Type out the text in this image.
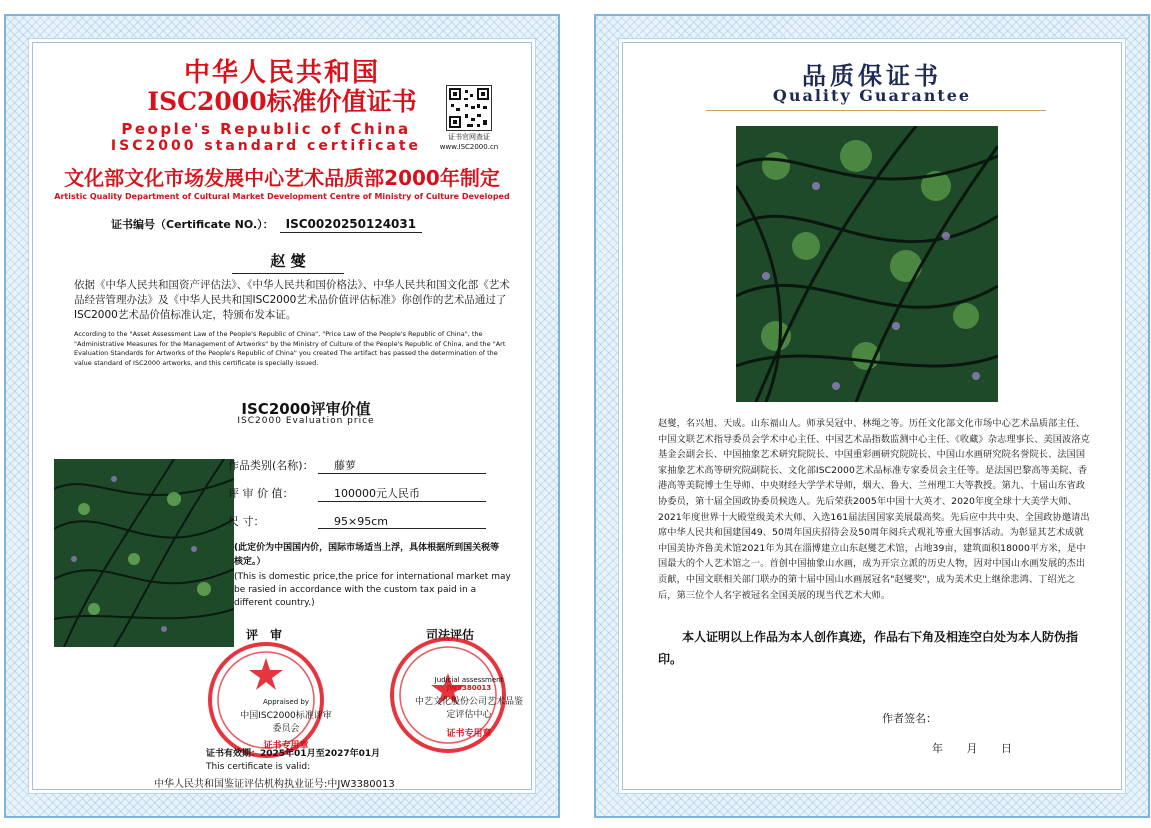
中华人民共和国
ISC2000标准价值证书
People's Republic of China
ISC2000 standard certificate
证书官网查证
www.ISC2000.cn
文化部文化市场发展中心艺术品质部2000年制定
Artistic Quality Department of Cultural Market Development Centre of Ministry of Culture Developed
证书编号（Certificate NO.）： ISC0020250124031
赵 燮
依据《中华人民共和国资产评估法》、《中华人民共和国价格法》、中华人民共和国文化部《艺术品经营管理办法》及《中华人民共和国ISC2000艺术品价值评估标准》你创作的艺术品通过了ISC2000艺术品价值标准认定，特颁布发本证。
According to the "Asset Assessment Law of the People's Republic of China", "Price Law of the People's Republic of China", the "Administrative Measures for the Management of Artworks" by the Ministry of Culture of the People's Republic of China, and the "Art Evaluation Standards for Artworks of the People's Republic of China" you created The artifact has passed the determination of the value standard of ISC2000 artworks, and this certificate is specially issued.
ISC2000评审价值
ISC2000 Evaluation price
作品类别(名称)： 藤萝
评 审 价 值：	100000元人民币
尺 寸：	95×95cm
(此定价为中国国内价，国际市场适当上浮，具体根据所到国关税等核定。）
(This is domestic price,the price for international market may be rasied in accordance with the custom tax paid in a different country.)
评审	司法评估
Appraised by
中国ISC2000标准评审委员会
证书专用章
Judicial assessment
JW3380013
中艺文化股份公司艺术品鉴定评估中心
证书专用章
证书有效期：2025年01月至2027年01月
This certificate is valid:
中华人民共和国鉴证评估机构执业证号:中JW3380013
品质保证书
Quality Guarantee
赵燮，名兴旭、天成。山东福山人。师承吴冠中、林绳之等。历任文化部文化市场中心艺术品质部主任、中国文联艺术指导委员会学术中心主任、中国艺术品指数监测中心主任、《收藏》杂志理事长、美国波洛克基金会副会长、中国抽象艺术研究院院长、中国重彩画研究院院长、中国山水画研究院名誉院长、法国国家抽象艺术高等研究院副院长、文化部ISC2000艺术品标准专家委员会主任等。是法国巴黎高等美院、香港高等美院博士生导师、中央财经大学学术导师，烟大、鲁大、兰州理工大等教授。第九、十届山东省政协委员，第十届全国政协委员候选人。先后荣获2005年中国十大英才、2020年度全球十大美学大师、2021年度世界十大殿堂级美术大师、入选161届法国国家美展最高奖。先后应中共中央、全国政协邀请出席中华人民共和国建国49、50周年国庆招待会及50周年阅兵式观礼等重大国事活动。为彰显其艺术成就中国美协齐鲁美术馆2021年为其在淄博建立山东赵燮艺术馆，占地39亩，建筑面积18000平方米，是中国最大的个人艺术馆之一。首创中国抽象山水画，成为开宗立派的历史人物，因对中国山水画发展的杰出贡献，中国文联相关部门联办的第十届中国山水画展冠名"赵燮奖"，成为美术史上继徐悲鸿、丁绍光之后，第三位个人名字被冠名全国美展的现当代艺术大师。
本人证明以上作品为本人创作真迹，作品右下角及相连空白处为本人防伪指印。
作者签名：
年 月 日
